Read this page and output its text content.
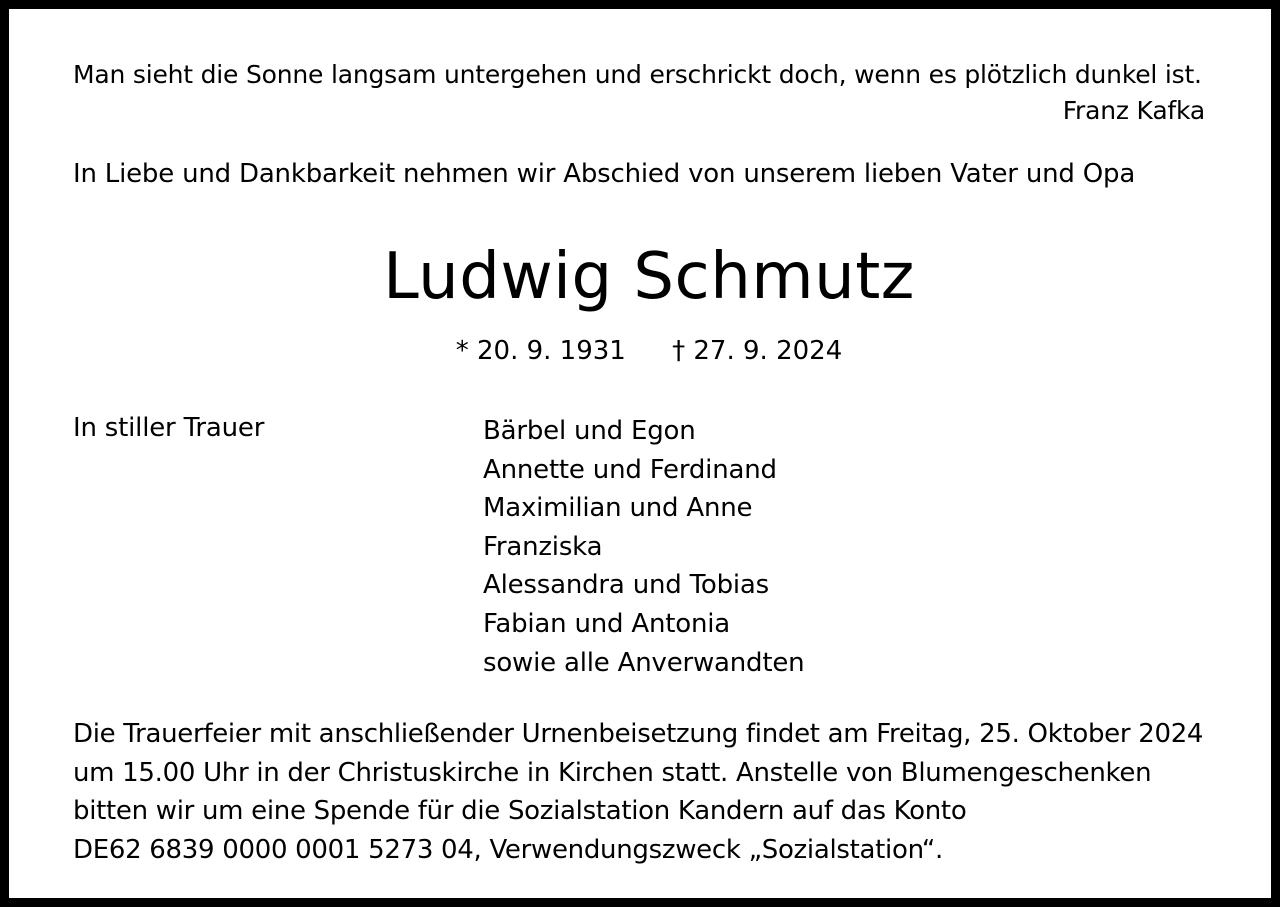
Man sieht die Sonne langsam untergehen und erschrickt doch, wenn es plötzlich dunkel ist.
Franz Kafka
In Liebe und Dankbarkeit nehmen wir Abschied von unserem lieben Vater und Opa
Ludwig Schmutz
* 20. 9. 1931 † 27. 9. 2024
In stiller Trauer	Bärbel und Egon
Annette und Ferdinand
Maximilian und Anne
Franziska
Alessandra und Tobias
Fabian und Antonia
sowie alle Anverwandten
Die Trauerfeier mit anschließender Urnenbeisetzung findet am Freitag, 25. Oktober 2024
um 15.00 Uhr in der Christuskirche in Kirchen statt. Anstelle von Blumengeschenken
bitten wir um eine Spende für die Sozialstation Kandern auf das Konto
DE62 6839 0000 0001 5273 04, Verwendungszweck „Sozialstation“.
